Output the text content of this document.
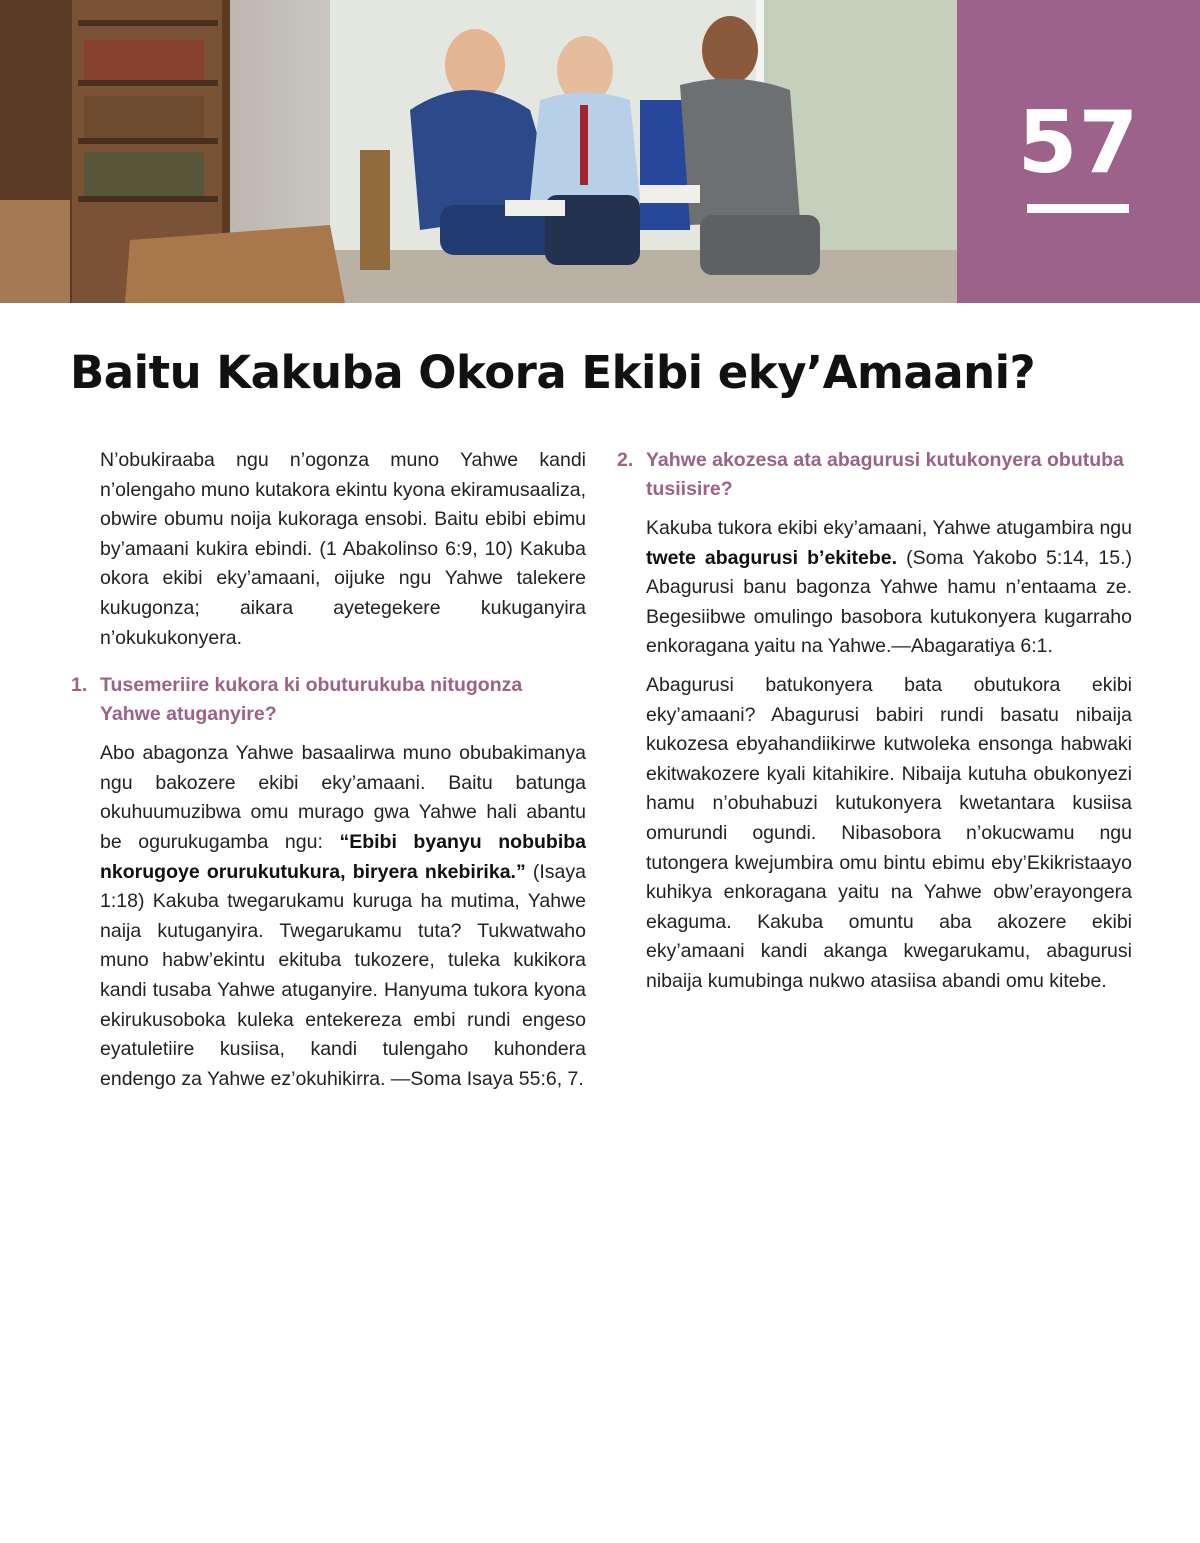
57
Baitu Kakuba Okora Ekibi eky’Amaani?

N’obukiraaba ngu n’ogonza muno Yahwe kandi n’olengaho muno kutakora ekintu kyona ekiramusaaliza, obwire obumu noija kukoraga ensobi. Baitu ebibi ebimu by’amaani kukira ebindi. (1 Abakolinso 6:9, 10) Kakuba okora ekibi eky’amaani, oijuke ngu Yahwe talekere kukugonza; aikara ayetegekere kukuganyira n’okukukonyera.

1. Tusemeriire kukora ki obuturukuba nitugonza Yahwe atuganyire?

Abo abagonza Yahwe basaalirwa muno obubakimanya ngu bakozere ekibi eky’amaani. Baitu batunga okuhuumuzibwa omu murago gwa Yahwe hali abantu be ogurukugamba ngu: “Ebibi byanyu nobubiba nkorugoye orurukutukura, biryera nkebirika.” (Isaya 1:18) Kakuba twegarukamu kuruga ha mutima, Yahwe naija kutuganyira. Twegarukamu tuta? Tukwatwaho muno habw’ekintu ekituba tukozere, tuleka kukikora kandi tusaba Yahwe atuganyire. Hanyuma tukora kyona ekirukusoboka kuleka entekereza embi rundi engeso eyatuletiire kusiisa, kandi tulengaho kuhondera endengo za Yahwe ez’okuhikirra. —Soma Isaya 55:6, 7.

2. Yahwe akozesa ata abagurusi kutukonyera obutuba tusiisire?

Kakuba tukora ekibi eky’amaani, Yahwe atugambira ngu twete abagurusi b’ekitebe. (Soma Yakobo 5:14, 15.) Abagurusi banu bagonza Yahwe hamu n’entaama ze. Begesiibwe omulingo basobora kutukonyera kugarraho enkoragana yaitu na Yahwe.—Abagaratiya 6:1.

Abagurusi batukonyera bata obutukora ekibi eky’amaani? Abagurusi babiri rundi basatu nibaija kukozesa ebyahandiikirwe kutwoleka ensonga habwaki ekitwakozere kyali kitahikire. Nibaija kutuha obukonyezi hamu n’obuhabuzi kutukonyera kwetantara kusiisa omurundi ogundi. Nibasobora n’okucwamu ngu tutongera kwejumbira omu bintu ebimu eby’Ekikristaayo kuhikya enkoragana yaitu na Yahwe obw’erayongera ekaguma. Kakuba omuntu aba akozere ekibi eky’amaani kandi akanga kwegarukamu, abagurusi nibaija kumubinga nukwo atasiisa abandi omu kitebe.
